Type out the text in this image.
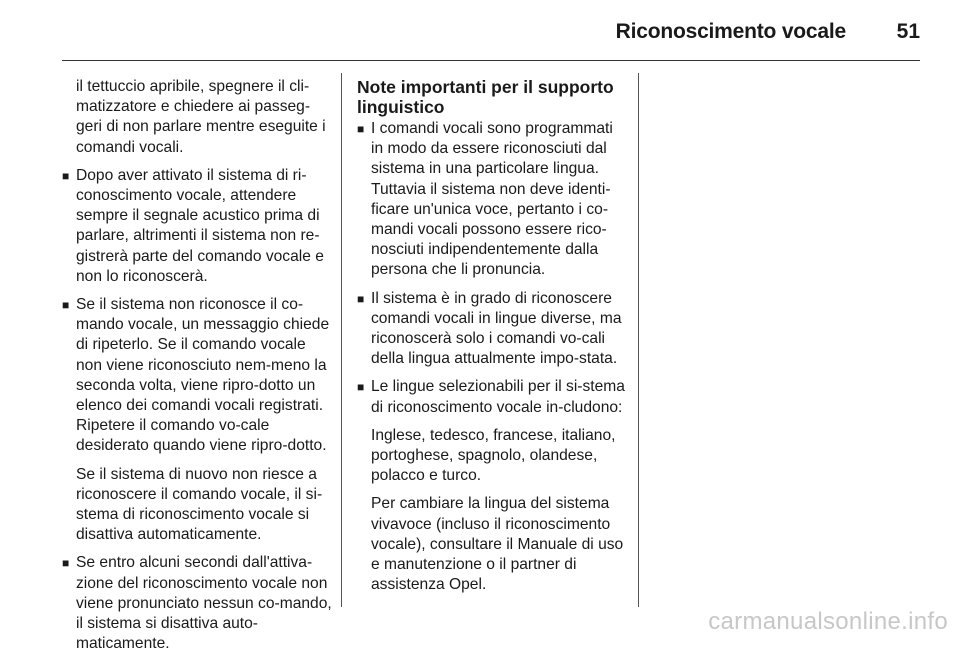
Riconoscimento vocale 51

il tettuccio apribile, spegnere il cli-matizzatore e chiedere ai passeg-geri di non parlare mentre eseguite i comandi vocali.

■ Dopo aver attivato il sistema di ri-conoscimento vocale, attendere sempre il segnale acustico prima di parlare, altrimenti il sistema non re-gistrerà parte del comando vocale e non lo riconoscerà.

■ Se il sistema non riconosce il co-mando vocale, un messaggio chiede di ripeterlo. Se il comando vocale non viene riconosciuto nem-meno la seconda volta, viene ripro-dotto un elenco dei comandi vocali registrati. Ripetere il comando vo-cale desiderato quando viene ripro-dotto.

Se il sistema di nuovo non riesce a riconoscere il comando vocale, il si-stema di riconoscimento vocale si disattiva automaticamente.

■ Se entro alcuni secondi dall'attiva-zione del riconoscimento vocale non viene pronunciato nessun co-mando, il sistema si disattiva auto-maticamente.

Note importanti per il supporto linguistico
■ I comandi vocali sono programmati in modo da essere riconosciuti dal sistema in una particolare lingua. Tuttavia il sistema non deve identi-ficare un'unica voce, pertanto i co-mandi vocali possono essere rico-nosciuti indipendentemente dalla persona che li pronuncia.

■ Il sistema è in grado di riconoscere comandi vocali in lingue diverse, ma riconoscerà solo i comandi vo-cali della lingua attualmente impo-stata.

■ Le lingue selezionabili per il si-stema di riconoscimento vocale in-cludono:

Inglese, tedesco, francese, italiano, portoghese, spagnolo, olandese, polacco e turco.

Per cambiare la lingua del sistema vivavoce (incluso il riconoscimento vocale), consultare il Manuale di uso e manutenzione o il partner di assistenza Opel.

carmanualsonline.info
